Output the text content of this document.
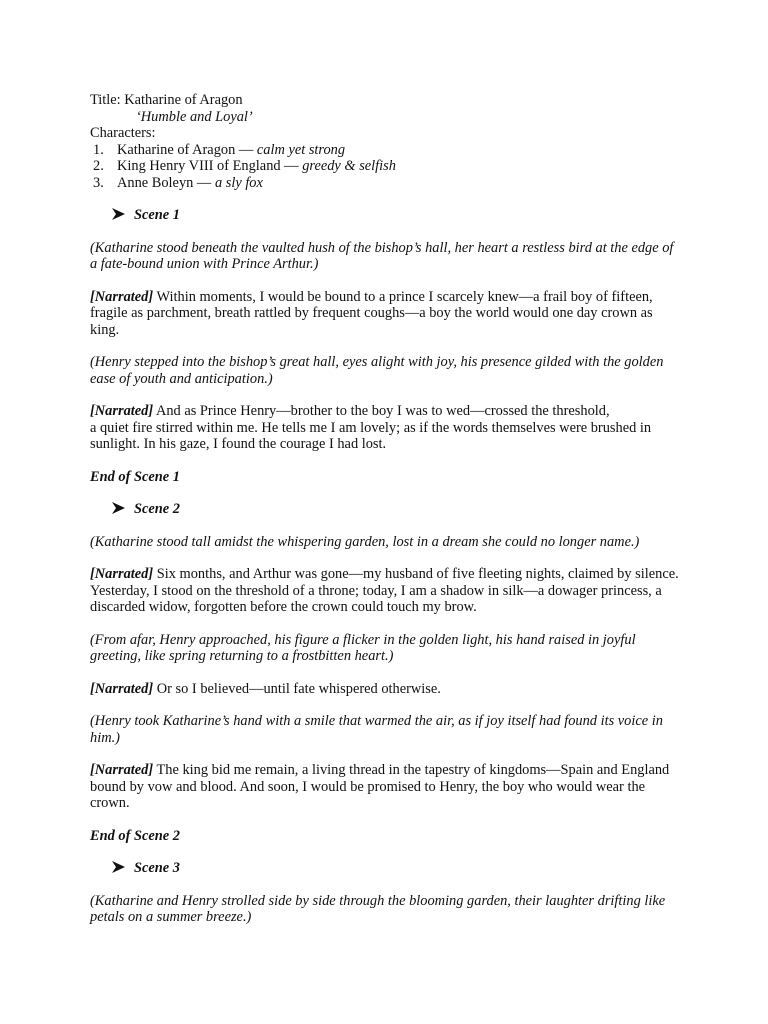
Title: Katharine of Aragon
‘Humble and Loyal’
Characters:
1. Katharine of Aragon — calm yet strong
2. King Henry VIII of England — greedy & selfish
3. Anne Boleyn — a sly fox
Scene 1
(Katharine stood beneath the vaulted hush of the bishop’s hall, her heart a restless bird at the edge of a fate-bound union with Prince Arthur.)
[Narrated] Within moments, I would be bound to a prince I scarcely knew—a frail boy of fifteen, fragile as parchment, breath rattled by frequent coughs—a boy the world would one day crown as king.
(Henry stepped into the bishop’s great hall, eyes alight with joy, his presence gilded with the golden ease of youth and anticipation.)
[Narrated] And as Prince Henry—brother to the boy I was to wed—crossed the threshold,
a quiet fire stirred within me. He tells me I am lovely; as if the words themselves were brushed in sunlight. In his gaze, I found the courage I had lost.
End of Scene 1
Scene 2
(Katharine stood tall amidst the whispering garden, lost in a dream she could no longer name.)
[Narrated] Six months, and Arthur was gone—my husband of five fleeting nights, claimed by silence. Yesterday, I stood on the threshold of a throne; today, I am a shadow in silk—a dowager princess, a discarded widow, forgotten before the crown could touch my brow.
(From afar, Henry approached, his figure a flicker in the golden light, his hand raised in joyful greeting, like spring returning to a frostbitten heart.)
[Narrated] Or so I believed—until fate whispered otherwise.
(Henry took Katharine’s hand with a smile that warmed the air, as if joy itself had found its voice in him.)
[Narrated] The king bid me remain, a living thread in the tapestry of kingdoms—Spain and England bound by vow and blood. And soon, I would be promised to Henry, the boy who would wear the crown.
End of Scene 2
Scene 3
(Katharine and Henry strolled side by side through the blooming garden, their laughter drifting like petals on a summer breeze.)
